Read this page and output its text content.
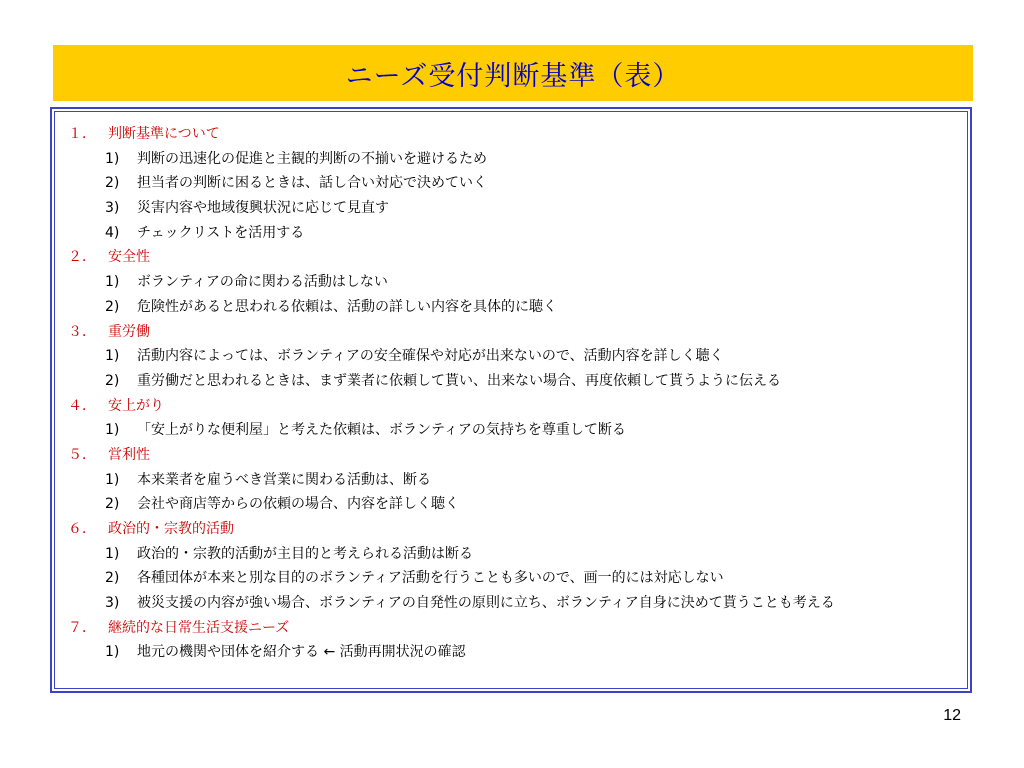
ニーズ受付判断基準（表）
１． 判断基準について
1)	判断の迅速化の促進と主観的判断の不揃いを避けるため
2)	担当者の判断に困るときは、話し合い対応で決めていく
3)	災害内容や地域復興状況に応じて見直す
4)	チェックリストを活用する
２． 安全性
1)	ボランティアの命に関わる活動はしない
2)	危険性があると思われる依頼は、活動の詳しい内容を具体的に聴く
３． 重労働
1)	活動内容によっては、ボランティアの安全確保や対応が出来ないので、活動内容を詳しく聴く
2)	重労働だと思われるときは、まず業者に依頼して貰い、出来ない場合、再度依頼して貰うように伝える
４． 安上がり
1)	「安上がりな便利屋」と考えた依頼は、ボランティアの気持ちを尊重して断る
５． 営利性
1)	本来業者を雇うべき営業に関わる活動は、断る
2)	会社や商店等からの依頼の場合、内容を詳しく聴く
６． 政治的・宗教的活動
1)	政治的・宗教的活動が主目的と考えられる活動は断る
2)	各種団体が本来と別な目的のボランティア活動を行うことも多いので、画一的には対応しない
3)	被災支援の内容が強い場合、ボランティアの自発性の原則に立ち、ボランティア自身に決めて貰うことも考える
７． 継続的な日常生活支援ニーズ
1)	地元の機関や団体を紹介する ← 活動再開状況の確認
12
